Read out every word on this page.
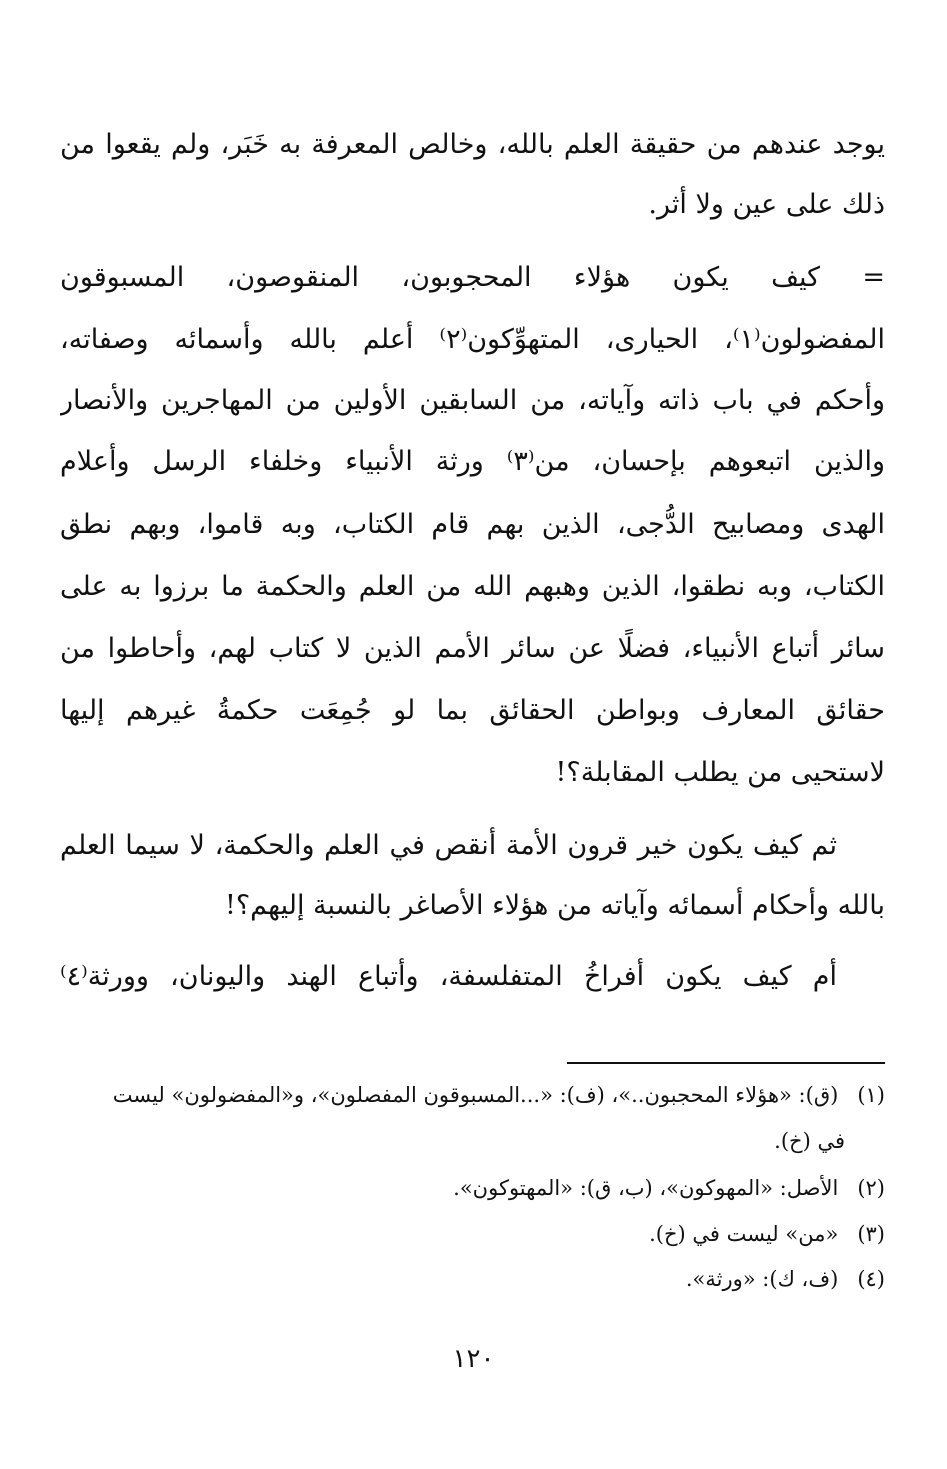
يوجد عندهم من حقيقة العلم بالله، وخالص المعرفة به خَبَر، ولم يقعوا من
ذلك على عين ولا أثر.
= كيف يكون هؤلاء المحجوبون، المنقوصون، المسبوقون
المفضولون⁽١⁾، الحيارى، المتهوِّكون⁽٢⁾ أعلم بالله وأسمائه وصفاته،
وأحكم في باب ذاته وآياته، من السابقين الأولين من المهاجرين والأنصار
والذين اتبعوهم بإحسان، من⁽٣⁾ ورثة الأنبياء وخلفاء الرسل وأعلام
الهدى ومصابيح الدُّجى، الذين بهم قام الكتاب، وبه قاموا، وبهم نطق
الكتاب، وبه نطقوا، الذين وهبهم الله من العلم والحكمة ما برزوا به على
سائر أتباع الأنبياء، فضلًا عن سائر الأمم الذين لا كتاب لهم، وأحاطوا من
حقائق المعارف وبواطن الحقائق بما لو جُمِعَت حكمةُ غيرهم إليها
لاستحيى من يطلب المقابلة؟!
ثم كيف يكون خير قرون الأمة أنقص في العلم والحكمة، لا سيما العلم
بالله وأحكام أسمائه وآياته من هؤلاء الأصاغر بالنسبة إليهم؟!
أم كيف يكون أفراخُ المتفلسفة، وأتباع الهند واليونان، وورثة⁽٤⁾
(١) (ق): «هؤلاء المحجبون..»، (ف): «...المسبوقون المفصلون»، و«المفضولون» ليست
في (خ).
(٢) الأصل: «المهوكون»، (ب، ق): «المهتوكون».
(٣) «من» ليست في (خ).
(٤) (ف، ك): «ورثة».
١٢٠
